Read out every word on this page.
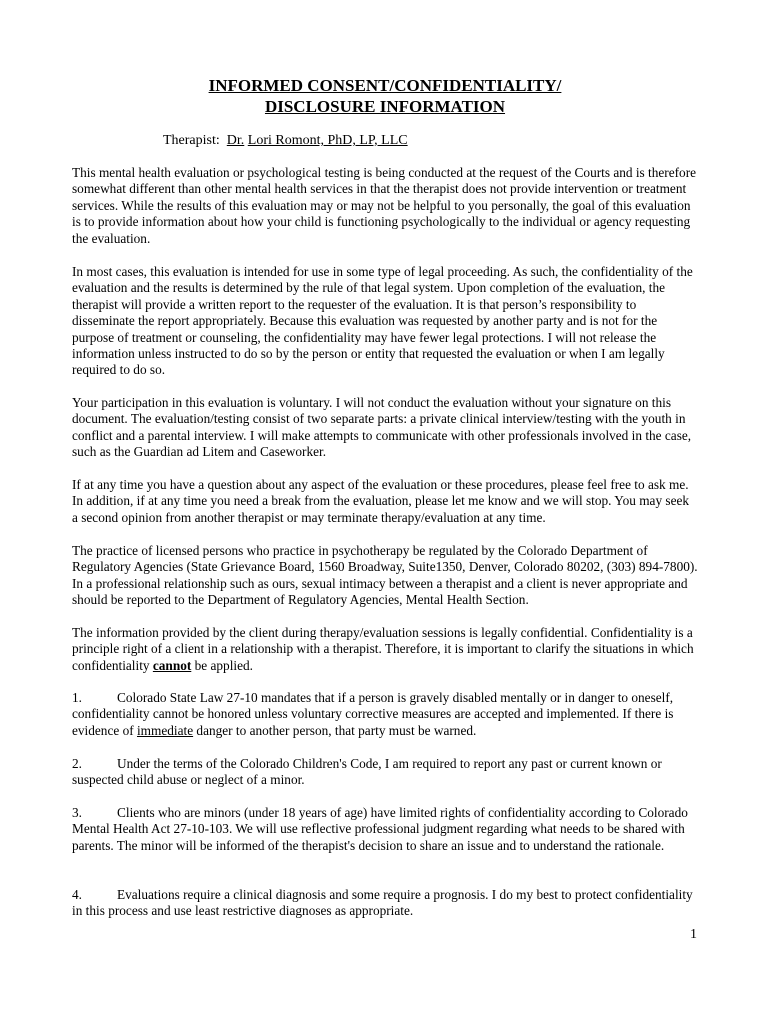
INFORMED CONSENT/CONFIDENTIALITY/

DISCLOSURE INFORMATION

Therapist: Dr. Lori Romont, PhD, LP, LLC

This mental health evaluation or psychological testing is being conducted at the request of the Courts and is therefore somewhat different than other mental health services in that the therapist does not provide intervention or treatment services. While the results of this evaluation may or may not be helpful to you personally, the goal of this evaluation is to provide information about how your child is functioning psychologically to the individual or agency requesting the evaluation.

In most cases, this evaluation is intended for use in some type of legal proceeding. As such, the confidentiality of the evaluation and the results is determined by the rule of that legal system. Upon completion of the evaluation, the therapist will provide a written report to the requester of the evaluation. It is that person’s responsibility to disseminate the report appropriately. Because this evaluation was requested by another party and is not for the purpose of treatment or counseling, the confidentiality may have fewer legal protections. I will not release the information unless instructed to do so by the person or entity that requested the evaluation or when I am legally required to do so.

Your participation in this evaluation is voluntary. I will not conduct the evaluation without your signature on this document. The evaluation/testing consist of two separate parts: a private clinical interview/testing with the youth in conflict and a parental interview. I will make attempts to communicate with other professionals involved in the case, such as the Guardian ad Litem and Caseworker.

If at any time you have a question about any aspect of the evaluation or these procedures, please feel free to ask me. In addition, if at any time you need a break from the evaluation, please let me know and we will stop. You may seek a second opinion from another therapist or may terminate therapy/evaluation at any time.

The practice of licensed persons who practice in psychotherapy be regulated by the Colorado Department of Regulatory Agencies (State Grievance Board, 1560 Broadway, Suite1350, Denver, Colorado 80202, (303) 894-7800). In a professional relationship such as ours, sexual intimacy between a therapist and a client is never appropriate and should be reported to the Department of Regulatory Agencies, Mental Health Section.

The information provided by the client during therapy/evaluation sessions is legally confidential. Confidentiality is a principle right of a client in a relationship with a therapist. Therefore, it is important to clarify the situations in which confidentiality cannot be applied.

1.	Colorado State Law 27-10 mandates that if a person is gravely disabled mentally or in danger to oneself, confidentiality cannot be honored unless voluntary corrective measures are accepted and implemented. If there is evidence of immediate danger to another person, that party must be warned.

2.	Under the terms of the Colorado Children's Code, I am required to report any past or current known or suspected child abuse or neglect of a minor.

3.	Clients who are minors (under 18 years of age) have limited rights of confidentiality according to Colorado Mental Health Act 27-10-103. We will use reflective professional judgment regarding what needs to be shared with parents. The minor will be informed of the therapist's decision to share an issue and to understand the rationale.

4.	Evaluations require a clinical diagnosis and some require a prognosis. I do my best to protect confidentiality in this process and use least restrictive diagnoses as appropriate.

1
